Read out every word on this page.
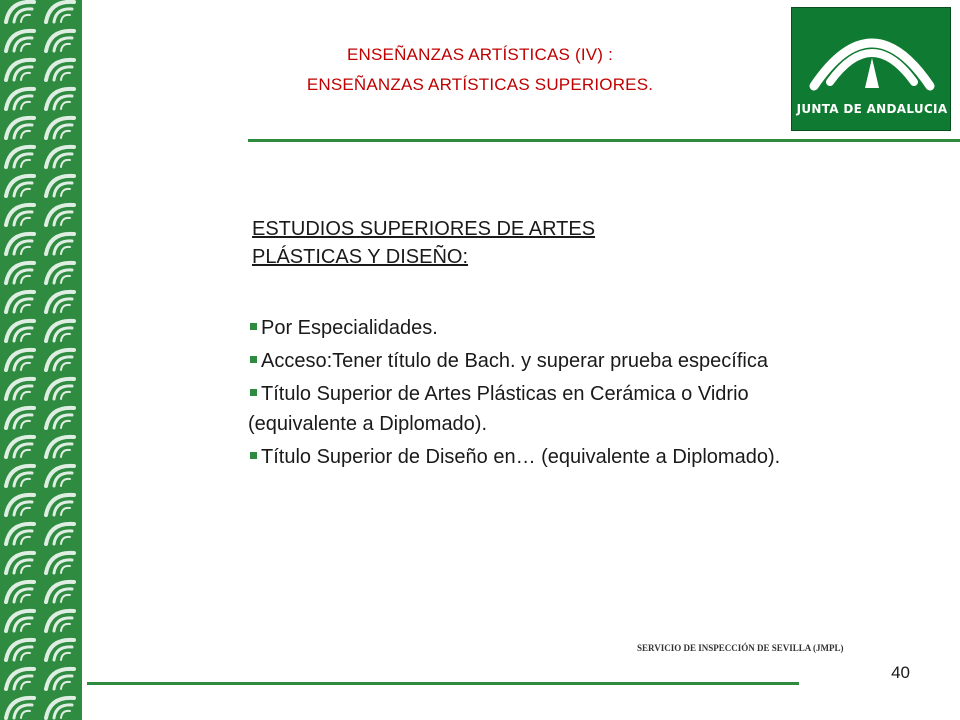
ENSEÑANZAS ARTÍSTICAS (IV) :
ENSEÑANZAS ARTÍSTICAS SUPERIORES.
JUNTA DE ANDALUCIA
ESTUDIOS SUPERIORES DE ARTES
PLÁSTICAS Y DISEÑO:
Por Especialidades.
Acceso:Tener título de Bach. y superar prueba específica
Título Superior de Artes Plásticas en Cerámica o Vidrio (equivalente a Diplomado).
Título Superior de Diseño en… (equivalente a Diplomado).
SERVICIO DE INSPECCIÓN DE SEVILLA (JMPL)
40
